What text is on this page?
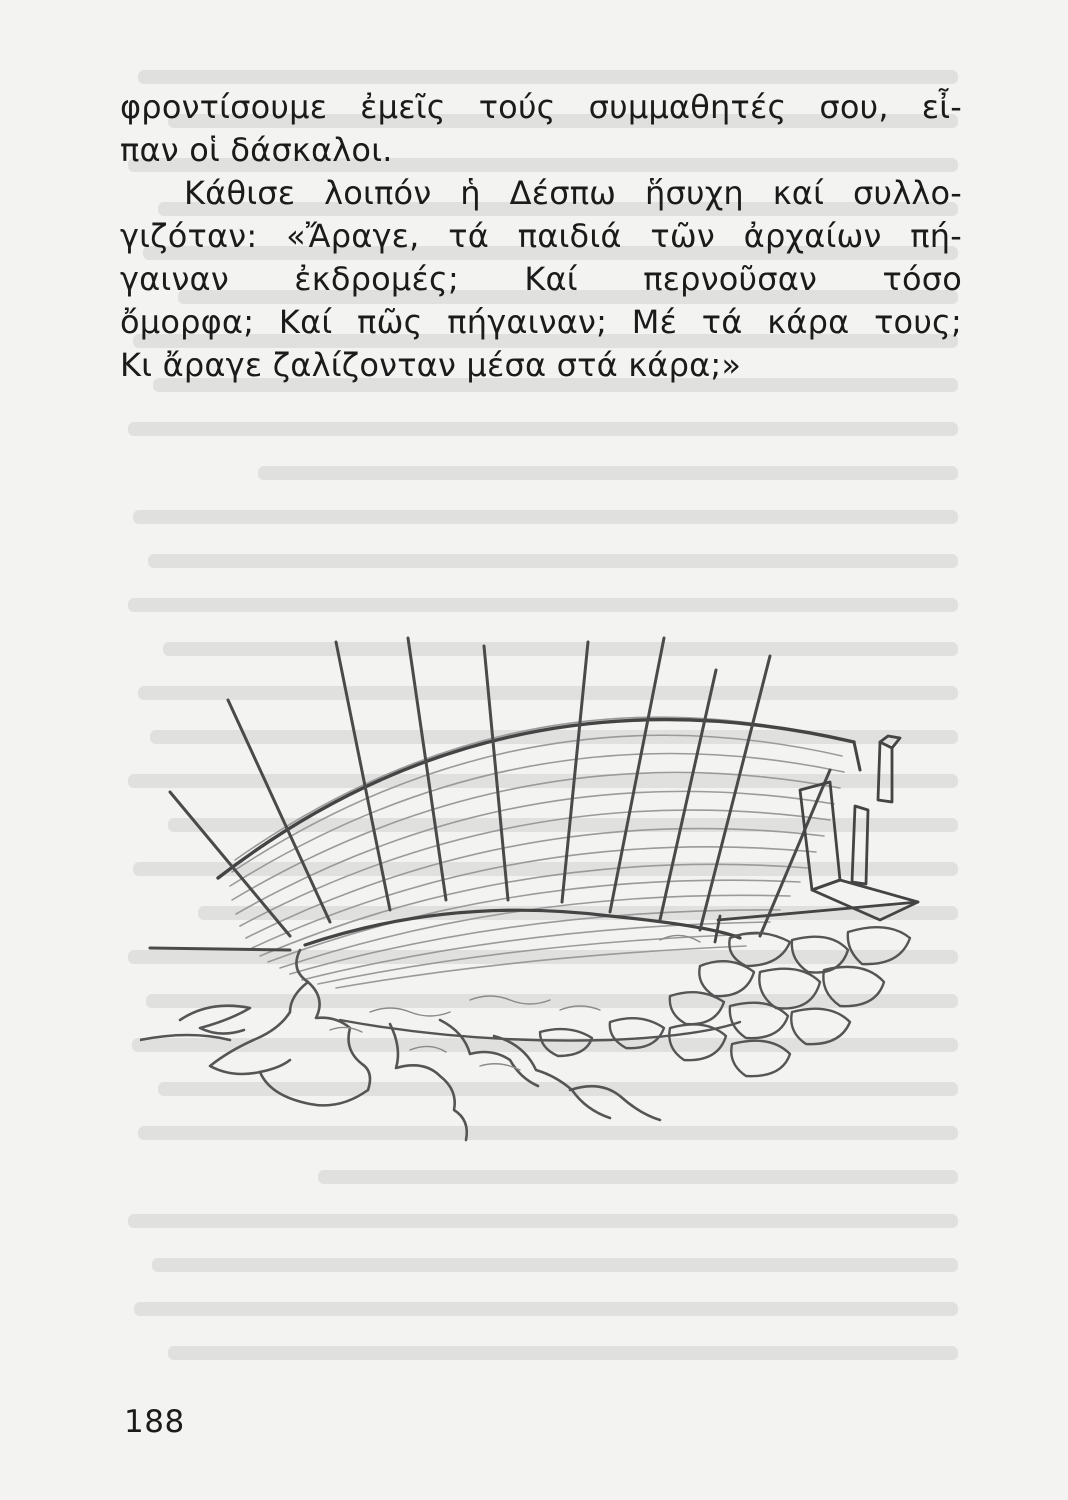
φροντίσουμε ἐμεῖς τούς συμμαθητές σου, εἶ-
παν οἱ δάσκαλοι.
Κάθισε λοιπόν ἡ Δέσπω ἥσυχη καί συλλο-
γιζόταν: «Ἄραγε, τά παιδιά τῶν ἀρχαίων πή-
γαιναν ἐκδρομές; Καί περνοῦσαν τόσο
ὄμορφα; Καί πῶς πήγαιναν; Μέ τά κάρα τους;
Κι ἄραγε ζαλίζονταν μέσα στά κάρα;»
188
